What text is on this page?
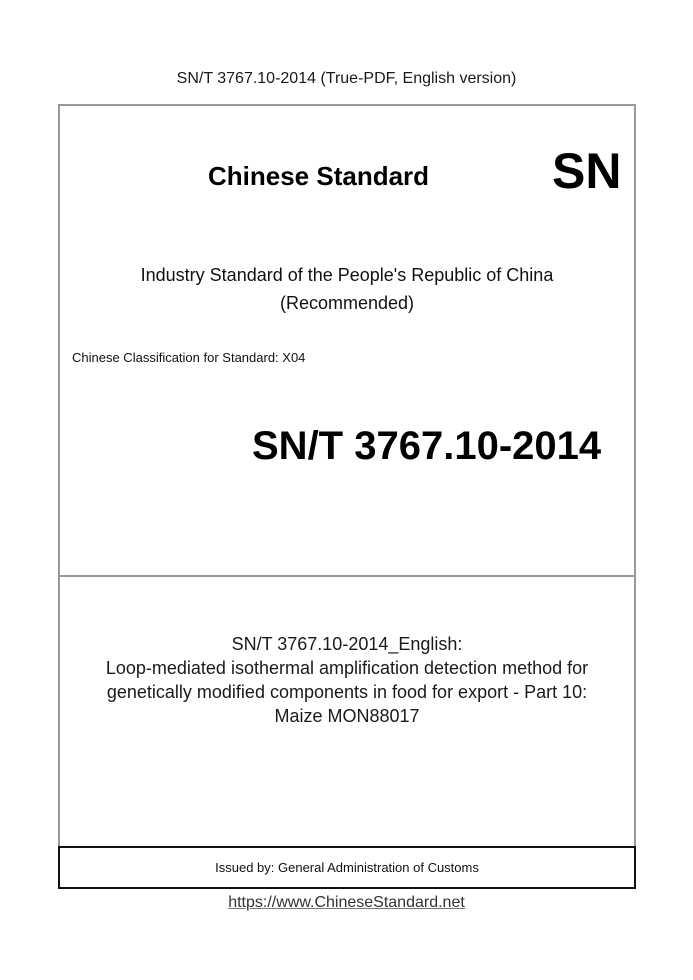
SN/T 3767.10-2014 (True-PDF, English version)
Chinese Standard SN
Industry Standard of the People's Republic of China
(Recommended)
Chinese Classification for Standard: X04
SN/T 3767.10-2014
SN/T 3767.10-2014_English:
Loop-mediated isothermal amplification detection method for
genetically modified components in food for export - Part 10:
Maize MON88017
Issued by: General Administration of Customs
https://www.ChineseStandard.net
